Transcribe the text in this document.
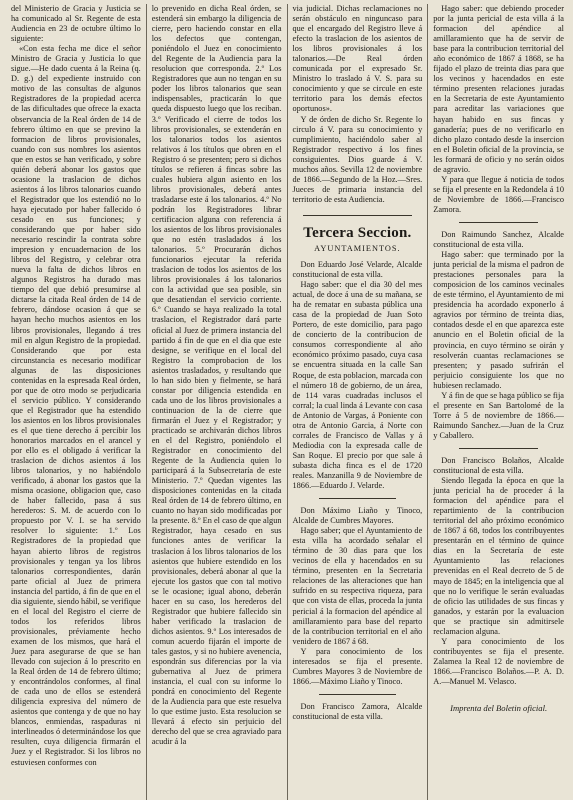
del Ministerio de Gracia y Justicia se ha comunicado al Sr. Regente de esta Audiencia en 23 de octubre último lo siguiente:

«Con esta fecha me dice el señor Ministro de Gracia y Justicia lo que sigue.—He dado cuenta á la Reina (q. D. g.) del expediente instruido con motivo de las consultas de algunos Registradores de la propiedad acerca de las dificultades que ofrece la exacta observancia de la Real órden de 14 de febrero último en que se previno la formacion de libros provisionales, cuando con sus nombres los asientos que en estos se han verificado, y sobre quién deberá abonar los gastos que ocasione la traslacion de dichos asientos á los libros talonarios cuando el Registrador que los estendió no lo haya ejecutado por haber fallecido ó cesado en sus funciones; y considerando que por haber sido necesario rescindir la contrata sobre impresion y encuadernacion de los libros del Registro, y celebrar otra nueva la falta de dichos libros en algunos Registros ha durado mas tiempo del que debió presumirse al dictarse la citada Real órden de 14 de febrero, dándose ocasion á que se hayan hecho muchos asientos en los libros provisionales, llegando á tres mil en algun Registro de la propiedad. Considerando que por esta circunstancia es necesario modificar algunas de las disposiciones contenidas en la espresada Real órden, por que de otro modo se perjudicaria el servicio público. Y considerando que el Registrador que ha estendido los asientos en los libros provisionales es el que tiene derecho á percibir los honorarios marcados en el arancel y por ello es el obligado á verificar la traslacion de dichos asientos á los libros talonarios, y no habiéndolo verificado, á abonar los gastos que la misma ocasione, obligacion que, caso de haber fallecido, pasa á sus herederos: S. M. de acuerdo con lo propuesto por V. I. se ha servido resolver lo siguiente: 1.º Los Registradores de la propiedad que hayan abierto libros de registros provisionales y tengan ya los libros talonarios correspondientes, darán parte oficial al Juez de primera instancia del partido, á fin de que en el dia siguiente, siendo hábil, se verifique en el local del Registro el cierre de todos los referidos libros provisionales, préviamente hecho examen de los mismos, que hará el Juez para asegurarse de que se han llevado con sujecion á lo prescrito en la Real órden de 14 de febrero último; y encontrándolos conformes, al final de cada uno de ellos se estenderá diligencia expresiva del número de asientos que contenga y de que no hay blancos, enmiendas, raspaduras ni interlineados ó determinándose los que resulten, cuya diligencia firmarán el Juez y el Registrador. Si los libros no estuviesen conformes con

lo prevenido en dicha Real órden, se estenderá sin embargo la diligencia de cierre, pero haciendo constar en ella los defectos que contengan, poniéndolo el Juez en conocimiento del Regente de la Audiencia para la resolucion que corresponda. 2.º Los Registradores que aun no tengan en su poder los libros talonarios que sean indispensables, practicarán lo que queda dispuesto luego que los reciban. 3.º Verificado el cierre de todos los libros provisionales, se extenderán en los talonarios todos los asientos relativos á los títulos que obren en el Registro ó se presenten; pero si dichos títulos se refieren á fincas sobre las cuales hubiera algun asiento en los libros provisionales, deberá antes trasladarse este á los talonarios. 4.º No podrán los Registradores librar certificacion alguna con referencia á los asientos de los libros provisionales que no estén trasladados á los talonarios. 5.º Procurarán dichos funcionarios ejecutar la referida traslacion de todos los asientos de los libros provisionales á los talonarios con la actividad que sea posible, sin que desatiendan el servicio corriente. 6.º Cuando se haya realizado la total traslacion, el Registrador dará parte oficial al Juez de primera instancia del partido á fin de que en el dia que este designe, se verifique en el local del Registro la comprobacion de los asientos trasladados, y resultando que lo han sido bien y fielmente, se hará constar por diligencia estendida en cada uno de los libros provisionales a continuacion de la de cierre que firmarán el Juez y el Registrador; y practicado se archivarán dichos libros en el del Registro, poniéndolo el Registrador en conocimiento del Regente de la Audiencia quien lo participará á la Subsecretaría de este Ministerio. 7.º Quedan vigentes las disposiciones contenidas en la citada Real órden de 14 de febrero último, en cuanto no hayan sido modificadas por la presente. 8.º En el caso de que algun Registrador, haya cesado en sus funciones antes de verificar la traslacion á los libros talonarios de los asientos que hubiere estendido en los provisionales, deberá abonar al que la ejecute los gastos que con tal motivo se le ocasione; igual abono, deberán hacer en su caso, los herederos del Registrador que hubiere fallecido sin haber verificado la traslacion de dichos asientos. 9.º Los interesados de comun acuerdo fijarán el importe de tales gastos, y si no hubiere avenencia, espondrán sus diferencias por la via gubernativa al Juez de primera instancia, el cual con su informe lo pondrá en conocimiento del Regente de la Audiencia para que este resuelva lo que estime justo. Esta resolucion se llevará á efecto sin perjuicio del derecho del que se crea agraviado para acudir á la

via judicial. Dichas reclamaciones no serán obstáculo en ninguncaso para que el encargado del Registro lleve á efecto la traslacion de los asientos de los libros provisionales á los talonarios.—De Real órden comunicada por el expresado Sr. Ministro lo traslado á V. S. para su conocimiento y que se circule en este territorio para los demás efectos oportunos».

Y de órden de dicho Sr. Regente lo circulo á V. para su conocimiento y cumplimiento, haciéndolo saber al Registrador respectivo á los fines consiguientes. Dios guarde á V. muchos años. Sevilla 12 de noviembre de 1866.—Segundo de la Hoz.—Sres. Jueces de primaria instancia del territorio de esta Audiencia.

Tercera Seccion.
AYUNTAMIENTOS.

Don Eduardo José Velarde, Alcalde constitucional de esta villa.

Hago saber: que el dia 30 del mes actual, de doce á una de su mañana, se ha de rematar en subasta pública una casa de la propiedad de Juan Soto Portero, de este domicilio, para pago de concierto de la contribucion de consumos correspondiente al año económico próximo pasado, cuya casa se encuentra situada en la calle San Roque, de esta poblacion, marcada con el número 18 de gobierno, de un área, de 114 varas cuadradas inclusos el corral; la cual linda á Levante con casa de Antonio de Vargas, á Poniente con otra de Antonio Garcia, á Norte con corrales de Francisco de Vallas y á Mediodia con la expresada calle de San Roque. El precio por que sale á subasta dicha finca es el de 1720 reales. Manzanilla 9 de Noviembre de 1866.—Eduardo J. Velarde.

Don Máximo Liaño y Tinoco, Alcalde de Cumbres Mayores.

Hago saber; que el Ayuntamiento de esta villa ha acordado señalar el término de 30 dias para que los vecinos de ella y hacendados en su término, presenten en la Secretaria relaciones de las alteraciones que han sufrido en su respectiva riqueza, para que con vista de ellas, proceda la junta pericial á la formacion del apéndice al amillaramiento para base del reparto de la contribucion territorial en el año venidero de 1867 á 68.

Y para conocimiento de los interesados se fija el presente. Cumbres Mayores 3 de Noviembre de 1866.—Máximo Liaño y Tinoco.

Don Francisco Zamora, Alcalde constitucional de esta villa.

Hago saber: que debiendo proceder por la junta pericial de esta villa á la formacion del apéndice al amillaramiento que ha de servir de base para la contribucion territorial del año económico de 1867 á 1868, se ha fijado el plazo de treinta dias para que los vecinos y hacendados en este término presenten relaciones juradas en la Secretaria de este Ayuntamiento para acreditar las variaciones que hayan habido en sus fincas y ganadería; pues de no verificarlo en dicho plazo contado desde la insercion en el Boletin oficial de la provincia, se les formará de oficio y no serán oidos de agravio.

Y para que llegue á noticia de todos se fija el presente en la Redondela á 10 de Noviembre de 1866.—Francisco Zamora.

Don Raimundo Sanchez, Alcalde constitucional de esta villa.

Hago saber: que terminado por la junta pericial de la misma el padron de prestaciones personales para la composicion de los caminos vecinales de este término, el Ayuntamiento de mi presidencia ha acordado exponerlo á agravios por término de treinta dias, contados desde el en que aparezca este anuncio en el Boletin oficial de la provincia, en cuyo término se oirán y resolverán cuantas reclamaciones se presenten; y pasado sufrirán el perjuicio consiguiente los que no hubiesen reclamado.

Y á fin de que se haga público se fija el presente en San Bartolomé de la Torre á 5 de noviembre de 1866.—Raimundo Sanchez.—Juan de la Cruz y Caballero.

Don Francisco Bolaños, Alcalde constitucional de esta villa.

Siendo llegada la época en que la junta pericial ha de proceder á la formacion del apéndice para el repartimiento de la contribucion territorial del año próximo económico de 1867 á 68, todos los contribuyentes presentarán en el término de quince dias en la Secretaría de este Ayuntamiento las relaciones prevenidas en el Real decreto de 5 de mayo de 1845; en la inteligencia que al que no lo verifique le serán evaluadas de oficio las utilidades de sus fincas y ganados, y estarán por la evaluacion que se practique sin admitirsele reclamacion alguna.

Y para conocimiento de los contribuyentes se fija el presente. Zalamea la Real 12 de noviembre de 1866.—Francisco Bolaños.—P. A. D. A.—Manuel M. Velasco.

Imprenta del Boletin oficial.
